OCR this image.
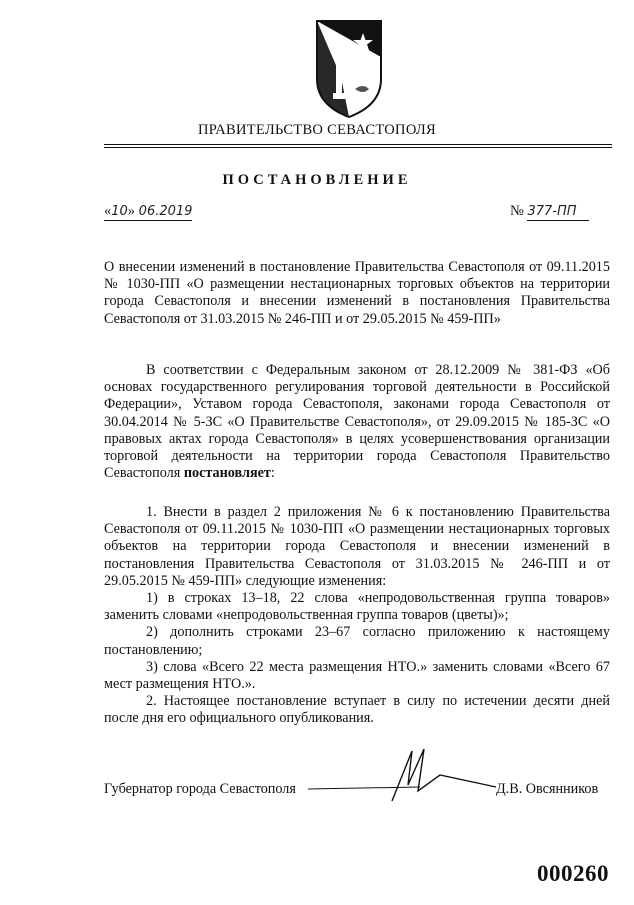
ПРАВИТЕЛЬСТВО СЕВАСТОПОЛЯ
ПОСТАНОВЛЕНИЕ
«10» 06.2019	№ 377-ПП
О внесении изменений в постановление Правительства Севастополя от 09.11.2015 № 1030-ПП «О размещении нестационарных торговых объектов на территории города Севастополя и внесении изменений в постановления Правительства Севастополя от 31.03.2015 № 246-ПП и от 29.05.2015 № 459-ПП»
В соответствии с Федеральным законом от 28.12.2009 № 381-ФЗ «Об основах государственного регулирования торговой деятельности в Российской Федерации», Уставом города Севастополя, законами города Севастополя от 30.04.2014 № 5-ЗС «О Правительстве Севастополя», от 29.09.2015 № 185-ЗС «О правовых актах города Севастополя» в целях усовершенствования организации торговой деятельности на территории города Севастополя Правительство Севастополя постановляет:

1. Внести в раздел 2 приложения № 6 к постановлению Правительства Севастополя от 09.11.2015 № 1030-ПП «О размещении нестационарных торговых объектов на территории города Севастополя и внесении изменений в постановления Правительства Севастополя от 31.03.2015 № 246-ПП и от 29.05.2015 № 459-ПП» следующие изменения:

1) в строках 13–18, 22 слова «непродовольственная группа товаров» заменить словами «непродовольственная группа товаров (цветы)»;

2) дополнить строками 23–67 согласно приложению к настоящему постановлению;

3) слова «Всего 22 места размещения НТО.» заменить словами «Всего 67 мест размещения НТО.».

2. Настоящее постановление вступает в силу по истечении десяти дней после дня его официального опубликования.

Губернатор города Севастополя	Д.В. Овсянников
000260
